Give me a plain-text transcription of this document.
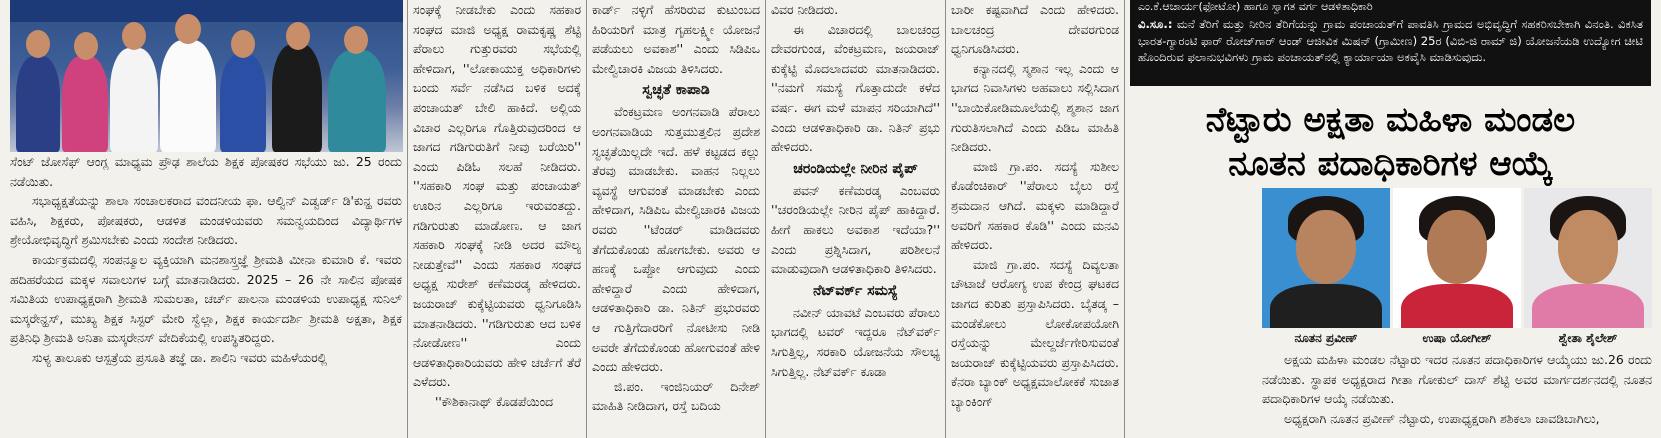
ಸೆಂಟ್ ಜೋಸೆಫ್ ಆಂಗ್ಲ ಮಾಧ್ಯಮ ಪ್ರೌಢ ಶಾಲೆಯ ಶಿಕ್ಷಕ ಪೋಷಕರ ಸಭೆಯು ಜು. 25 ರಂದು ನಡೆಯಿತು.

ಸಭಾಧ್ಯಕ್ಷತೆಯನ್ನು ಶಾಲಾ ಸಂಚಾಲಕರಾದ ವಂದನೀಯ ಫಾ. ಆಲ್ವಿನ್ ಎಡ್ವರ್ಡ್ ಡಿ'ಕುನ್ಹ ರವರು ವಹಿಸಿ, ಶಿಕ್ಷಕರು, ಪೋಷಕರು, ಆಡಳಿತ ಮಂಡಳಿಯವರು ಸಮನ್ವಯದಿಂದ ವಿದ್ಯಾರ್ಥಿಗಳ ಶ್ರೇಯೋಭಿವೃದ್ಧಿಗೆ ಶ್ರಮಿಸಬೇಕು ಎಂದು ಸಂದೇಶ ನೀಡಿದರು.

ಕಾರ್ಯಕ್ರಮದಲ್ಲಿ ಸಂಪನ್ಮೂಲ ವ್ಯಕ್ತಿಯಾಗಿ ಮನಶಾಸ್ತ್ರಜ್ಞೆ ಶ್ರೀಮತಿ ಮೀನಾ ಕುಮಾರಿ ಕೆ. ಇವರು ಹದಿಹರೆಯದ ಮಕ್ಕಳ ಸವಾಲುಗಳ ಬಗ್ಗೆ ಮಾತನಾಡಿದರು. 2025 – 26 ನೇ ಸಾಲಿನ ಪೋಷಕ ಸಮಿತಿಯ ಉಪಾಧ್ಯಕ್ಷರಾಗಿ ಶ್ರೀಮತಿ ಸುಮಲತಾ, ಚರ್ಚ್ ಪಾಲನಾ ಮಂಡಳಿಯ ಉಪಾಧ್ಯಕ್ಷ ಸುನಿಲ್ ಮಸ್ಕರೇನ್ಹಸ್, ಮುಖ್ಯ ಶಿಕ್ಷಕ ಸಿಸ್ಟರ್ ಮೇರಿ ಸ್ವೆಲ್ಲಾ, ಶಿಕ್ಷಕ ಕಾರ್ಯದರ್ಶಿ ಶ್ರೀಮತಿ ಅಕ್ಷತಾ, ಶಿಕ್ಷಕ ಪ್ರತಿನಿಧಿ ಶ್ರೀಮತಿ ಅನಿತಾ ಮಸ್ಕರೇನಸ್ ವೇದಿಕೆಯಲ್ಲಿ ಉಪಸ್ಥಿತರಿದ್ದರು.

ಸುಳ್ಯ ತಾಲೂಕು ಆಸ್ಪತ್ರೆಯ ಪ್ರಸೂತಿ ತಜ್ಞೆ ಡಾ. ಶಾಲಿನಿ ಇವರು ಮಹಿಳೆಯರಲ್ಲಿ

ಸಂಘಕ್ಕೆ ನೀಡಬೇಕು ಎಂದು ಸಹಕಾರ ಸಂಘದ ಮಾಜಿ ಅಧ್ಯಕ್ಷ ರಾಮಕೃಷ್ಣ ಶೆಟ್ಟಿ ಪೆರಾಲು ಗುತ್ತುರವರು ಸಭೆಯಲ್ಲಿ ಹೇಳಿದಾಗ, ''ಲೋಕಾಯುಕ್ತ ಅಧಿಕಾರಿಗಳು ಬಂದು ಸರ್ವೆ ನಡೆಸಿದ ಬಳಿಕ ಅದಕ್ಕೆ ಪಂಚಾಯತ್ ಬೇಲಿ ಹಾಕಿದೆ. ಅಲ್ಲಿಯ ವಿಚಾರ ಎಲ್ಲರಿಗೂ ಗೊತ್ತಿರುವುದರಿಂದ ಆ ಜಾಗದ ಗಡಿಗುರುತಿಗೆ ನೀವು ಬರೆಯಿರಿ'' ಎಂದು ಪಿಡಿಓ ಸಲಹೆ ನೀಡಿದರು. ''ಸಹಕಾರಿ ಸಂಘ ಮತ್ತು ಪಂಚಾಯತ್ ಊರಿನ ಎಲ್ಲರಿಗೂ ಇರುವಂತದ್ದು. ಗಡಿಗುರುತು ಮಾಡೋಣ. ಆ ಜಾಗ ಸಹಕಾರಿ ಸಂಘಕ್ಕೆ ನೀಡಿ ಅದರ ಮೌಲ್ಯ ನೀಡುತ್ತೇವೆ'' ಎಂದು ಸಹಕಾರ ಸಂಘದ ಅಧ್ಯಕ್ಷ ಸುರೇಶ್ ಕಣೆಮರಡ್ಕ ಹೇಳಿದರು. ಜಯರಾಜ್ ಕುಕ್ಕೆಟ್ಟಿಯವರು ಧ್ವನಿಗೂಡಿಸಿ ಮಾತನಾಡಿದರು. ''ಗಡಿಗುರುತು ಆದ ಬಳಿಕ ನೋಡೋಣ'' ಎಂದು ಆಡಳಿತಾಧಿಕಾರಿಯವರು ಹೇಳಿ ಚರ್ಚೆಗೆ ತೆರೆ ಎಳೆದರು.

''ಕೌಶಿಕಾನಾಥ್ ಕೊಡಪೆಯಿಂದ

ಕಾರ್ಡ್ ನಳ್ಳಿಗೆ ಹೆಸರಿರುವ ಕುಟುಂಬದ ಹಿರಿಯರಿಗೆ ಮಾತ್ರ ಗೃಹಲಕ್ಷ್ಮೀ ಯೋಜನೆ ಪಡೆಯಲು ಅವಕಾಶ'' ಎಂದು ಸಿಡಿಪಿಒ ಮೇಲ್ವಿಚಾರಕಿ ವಿಜಯ ತಿಳಿಸಿದರು.

ಸ್ವಚ್ಛತೆ ಕಾಪಾಡಿ

ವೆಂಕಟ್ರಮಣ ಅಂಗನವಾಡಿ ಪೆರಾಲು ಅಂಗನವಾಡಿಯ ಸುತ್ತಮುತ್ತಲಿನ ಪ್ರದೇಶ ಸ್ವಚ್ಛತೆಯಿಲ್ಲದೇ ಇದೆ. ಹಳೆ ಕಟ್ಟಡದ ಕಲ್ಲು ತೆರವು ಮಾಡಬೇಕು. ವಾಹನ ನಿಲ್ಲಲು ವ್ಯವಸ್ಥೆ ಆಗುವಂತೆ ಮಾಡಬೇಕು ಎಂದು ಹೇಳಿದಾಗ, ಸಿಡಿಪಿಒ ಮೇಲ್ವಿಚಾರಕಿ ವಿಜಯ ರವರು ''ಟೆಂಡರ್ ಮಾಡಿದವರು ತೆಗೆದುಕೊಂಡು ಹೋಗಬೇಕು. ಅವರು ಆ ಹಣಕ್ಕೆ ಒಪ್ಪೋ ಆಗುವುದು ಎಂದು ಹೇಳಿದ್ದಾರೆ ಎಂದು ಹೇಳಿದಾಗ, ಆಡಳಿತಾಧಿಕಾರಿ ಡಾ. ನಿತಿನ್ ಪ್ರಭುರವರು ಆ ಗುತ್ತಿಗೆದಾರರಿಗೆ ನೋಟೀಸು ನೀಡಿ ಅವರೇ ತೆಗೆದುಕೊಂಡು ಹೋಗುವಂತೆ ಹೇಳಿ ಎಂದು ಹೇಳಿದರು.

ಜಿ.ಪಂ. ಇಂಜಿನಿಯರ್ ದಿನೇಶ್ ಮಾಹಿತಿ ನೀಡಿದಾಗ, ರಸ್ತೆ ಬದಿಯ

ವಿವರ ನೀಡಿದರು.

ಈ ವಿಚಾರದಲ್ಲಿ ಬಾಲಚಂದ್ರ ದೇವರಗುಂಡ, ವೆಂಕಟ್ರಮಣ, ಜಯರಾಜ್ ಕುಕ್ಕೆಟ್ಟಿ ಮೊದಲಾದವರು ಮಾತನಾಡಿದರು. ''ನಮಗೆ ಸಮಸ್ಯೆ ಗೊತ್ತಾದುದೇ ಕಳೆದ ವರ್ಷ. ಈಗ ಮಳೆ ಮಾಪನ ಸರಿಯಾಗಿದೆ'' ಎಂದು ಆಡಳಿತಾಧಿಕಾರಿ ಡಾ. ನಿತಿನ್ ಪ್ರಭು ಹೇಳಿದರು.

ಚರಂಡಿಯಲ್ಲೇ ನೀರಿನ ಪೈಪ್

ಪವನ್ ಕಣೆಮರಡ್ಕ ಎಂಬವರು ''ಚರಂಡಿಯಲ್ಲೇ ನೀರಿನ ಪೈಪ್ ಹಾಕಿದ್ದಾರೆ. ಹೀಗೆ ಹಾಕಲು ಅವಕಾಶ ಇದೆಯಾ?'' ಎಂದು ಪ್ರಶ್ನಿಸಿದಾಗ, ಪರಿಶೀಲನೆ ಮಾಡುವುದಾಗಿ ಆಡಳಿತಾಧಿಕಾರಿ ತಿಳಿಸಿದರು.

ನೆಟ್‌ವರ್ಕ್ ಸಮಸ್ಯೆ

ನವೀನ್ ಯಾವಟೆ ಎಂಬವರು ಪೆರಾಲು ಭಾಗದಲ್ಲಿ ಟವರ್ ಇದ್ದರೂ ನೆಟ್‌ವರ್ಕ್ ಸಿಗುತ್ತಿಲ್ಲ, ಸರಕಾರಿ ಯೋಜನೆಯ ಸೌಲಭ್ಯ ಸಿಗುತ್ತಿಲ್ಲ. ನೆಟ್‌ವರ್ಕ್ ಕೂಡಾ

ಬಾರೀ ಕಷ್ಟವಾಗಿದೆ ಎಂದು ಹೇಳಿದರು. ಬಾಲಚಂದ್ರ ದೇವರಗುಂಡ ಧ್ವನಿಗೂಡಿಸಿದರು.

ಕನ್ಯಾನದಲ್ಲಿ ಸ್ಮಶಾನ ಇಲ್ಲ ಎಂದು ಆ ಭಾಗದ ನಿವಾಸಿಗಳು ಅಹವಾಲು ಸಲ್ಲಿಸಿದಾಗ ''ಬಾಯಿಕೋಡಿಮೂಲೆಯಲ್ಲಿ ಶ್ಮಶಾನ ಜಾಗ ಗುರುತಿಸಲಾಗಿದೆ ಎಂದು ಪಿಡಿಒ ಮಾಹಿತಿ ನೀಡಿದರು.

ಮಾಜಿ ಗ್ರಾ.ಪಂ. ಸದಸ್ಯೆ ಸುಶೀಲ ಕೊಡೆಂಚಿಕಾರ್ ''ಪೆರಾಲು ಬೈಲು ರಸ್ತೆ ಶ್ರಮದಾನ ಆಗಿದೆ. ಮಕ್ಕಳು ಮಾಡಿದ್ದಾರೆ ಅವರಿಗೆ ಸಹಕಾರ ಕೊಡಿ'' ಎಂದು ಮನವಿ ಹೇಳಿದರು.

ಮಾಜಿ ಗ್ರಾ.ಪಂ. ಸದಸ್ಯೆ ದಿವ್ಯಲತಾ ಚೌಟಾಜೆ ಆರೋಗ್ಯ ಉಪ ಕೇಂದ್ರ ಘಟಕದ ಜಾಗದ ಕುರಿತು ಪ್ರಸ್ತಾಪಿಸಿದರು. ಬೈತಡ್ಕ –ಮಂಡೆಕೋಲು ಲೋಕೋಪಯೋಗಿ ರಸ್ತೆಯನ್ನು ಮೇಲ್ದರ್ಜೆಗೇರಿಸುವಂತೆ ಜಯರಾಜ್ ಕುಕ್ಕೆಟ್ಟಿಯವರು ಪ್ರಸ್ತಾಪಿಸಿದರು. ಕೆನರಾ ಬ್ಯಾಂಕ್ ಅಧ್ಯಕ್ಷಮಾಲೋಕಕೆ ಸುಜಾತ ಬ್ಯಾಂಕಿಂಗ್

ಎಂ.ಕೆ.ಆಚಾರ್ಯ(ಫೋಟೋ) ಹಾಗೂ ಸ್ವಾಗತ ವರ್ಗ ಆಡಳಿತಾಧಿಕಾರಿ

ವಿ.ಸೂ.: ಮನೆ ತೆರಿಗೆ ಮತ್ತು ನೀರಿನ ತೆರಿಗೆಯನ್ನು ಗ್ರಾಮ ಪಂಚಾಯತ್‌ಗೆ ಪಾವತಿಸಿ ಗ್ರಾಮದ ಅಭಿವೃದ್ಧಿಗೆ ಸಹಕರಿಸಬೇಕಾಗಿ ವಿನಂತಿ. ವಿಕಸಿತ ಭಾರತ-ಗ್ಯಾರಂಟಿ ಫಾರ್ ರೋಜ್‌ಗಾರ್ ಆಂಡ್ ಆಜೀವಿಕ ಮಿಷನ್ (ಗ್ರಾಮೀಣ) 25ರ (ವಿಬಿ-ಜಿ ರಾಮ್ ಜಿ) ಯೋಜನೆಯಡಿ ಉದ್ಯೋಗ ಚೀಟಿ ಹೊಂದಿರುವ ಫಲಾನುಭವಿಗಳು ಗ್ರಾಮ ಪಂಚಾಯತ್‌ನಲ್ಲಿ ಕ್ಯಾರ್ಯಾಯಾ ಅಕವೈಸಿ ಮಾಡಿಸುವುದು.

ನೆಟ್ಟಾರು ಅಕ್ಷತಾ ಮಹಿಳಾ ಮಂಡಲ
ನೂತನ ಪದಾಧಿಕಾರಿಗಳ ಆಯ್ಕೆ
ನೂತನ ಪ್ರವೀಣ್	ಉಷಾ ಯೋಗೀಶ್	ಶ್ವೇತಾ ಶೈಲೇಶ್

ಅಕ್ಷಯ ಮಹಿಳಾ ಮಂಡಲ ನೆಟ್ಟಾರು ಇದರ ನೂತನ ಪದಾಧಿಕಾರಿಗಳ ಆಯ್ಕೆಯು ಜು.26 ರಂದು ನಡೆಯಿತು. ಸ್ಥಾಪಕ ಅಧ್ಯಕ್ಷರಾದ ಗೀತಾ ಗೋಕುಲ್ ದಾಸ್ ಶೆಟ್ಟಿ ಅವರ ಮಾರ್ಗದರ್ಶನದಲ್ಲಿ ನೂತನ ಪದಾಧಿಕಾರಿಗಳ ಆಯ್ಕೆ ನಡೆಯಿತು.

ಅಧ್ಯಕ್ಷರಾಗಿ ನೂತನ ಪ್ರವೀಣ್ ನೆಟ್ಟಾರು, ಉಪಾಧ್ಯಕ್ಷರಾಗಿ ಶಶಿಕಲಾ ಚಾವಡಿಬಾಗಿಲು,
